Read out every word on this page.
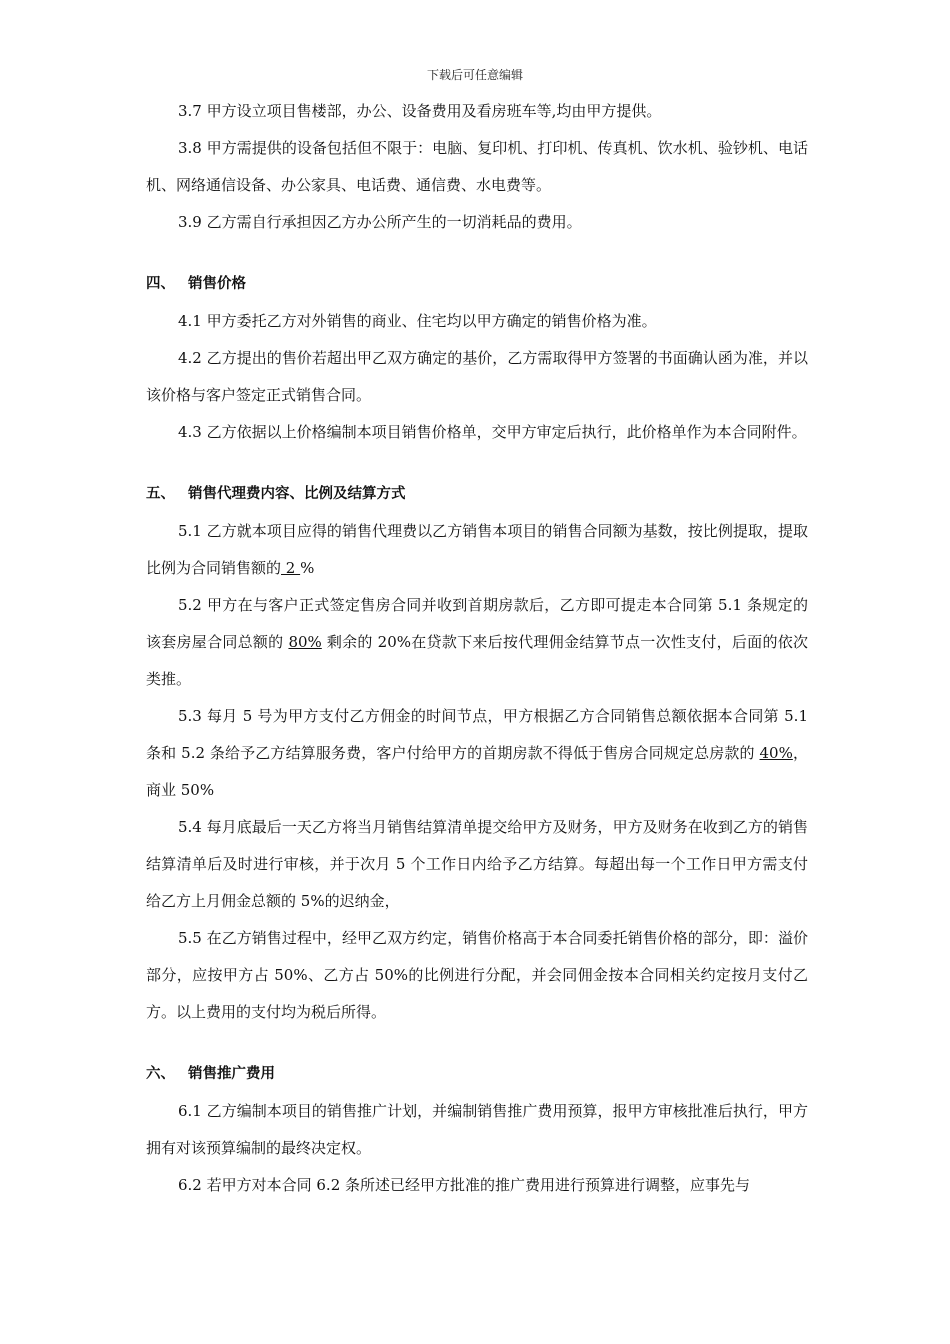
下载后可任意编辑

3.7 甲方设立项目售楼部，办公、设备费用及看房班车等,均由甲方提供。

3.8 甲方需提供的设备包括但不限于：电脑、复印机、打印机、传真机、饮水机、验钞机、电话机、网络通信设备、办公家具、电话费、通信费、水电费等。

3.9 乙方需自行承担因乙方办公所产生的一切消耗品的费用。

四、 销售价格

4.1 甲方委托乙方对外销售的商业、住宅均以甲方确定的销售价格为准。

4.2 乙方提出的售价若超出甲乙双方确定的基价，乙方需取得甲方签署的书面确认函为准，并以该价格与客户签定正式销售合同。

4.3 乙方依据以上价格编制本项目销售价格单，交甲方审定后执行，此价格单作为本合同附件。

五、 销售代理费内容、比例及结算方式

5.1 乙方就本项目应得的销售代理费以乙方销售本项目的销售合同额为基数，按比例提取，提取比例为合同销售额的 2 %

5.2 甲方在与客户正式签定售房合同并收到首期房款后，乙方即可提走本合同第 5.1 条规定的该套房屋合同总额的 80% 剩余的 20%在贷款下来后按代理佣金结算节点一次性支付，后面的依次类推。

5.3 每月 5 号为甲方支付乙方佣金的时间节点，甲方根据乙方合同销售总额依据本合同第 5.1 条和 5.2 条给予乙方结算服务费，客户付给甲方的首期房款不得低于售房合同规定总房款的 40%，商业 50%

5.4 每月底最后一天乙方将当月销售结算清单提交给甲方及财务，甲方及财务在收到乙方的销售结算清单后及时进行审核，并于次月 5 个工作日内给予乙方结算。每超出每一个工作日甲方需支付给乙方上月佣金总额的 5%的迟纳金，

5.5 在乙方销售过程中，经甲乙双方约定，销售价格高于本合同委托销售价格的部分，即：溢价部分，应按甲方占 50%、乙方占 50%的比例进行分配，并会同佣金按本合同相关约定按月支付乙方。以上费用的支付均为税后所得。

六、 销售推广费用

6.1 乙方编制本项目的销售推广计划，并编制销售推广费用预算，报甲方审核批准后执行，甲方拥有对该预算编制的最终决定权。

6.2 若甲方对本合同 6.2 条所述已经甲方批准的推广费用进行预算进行调整，应事先与
